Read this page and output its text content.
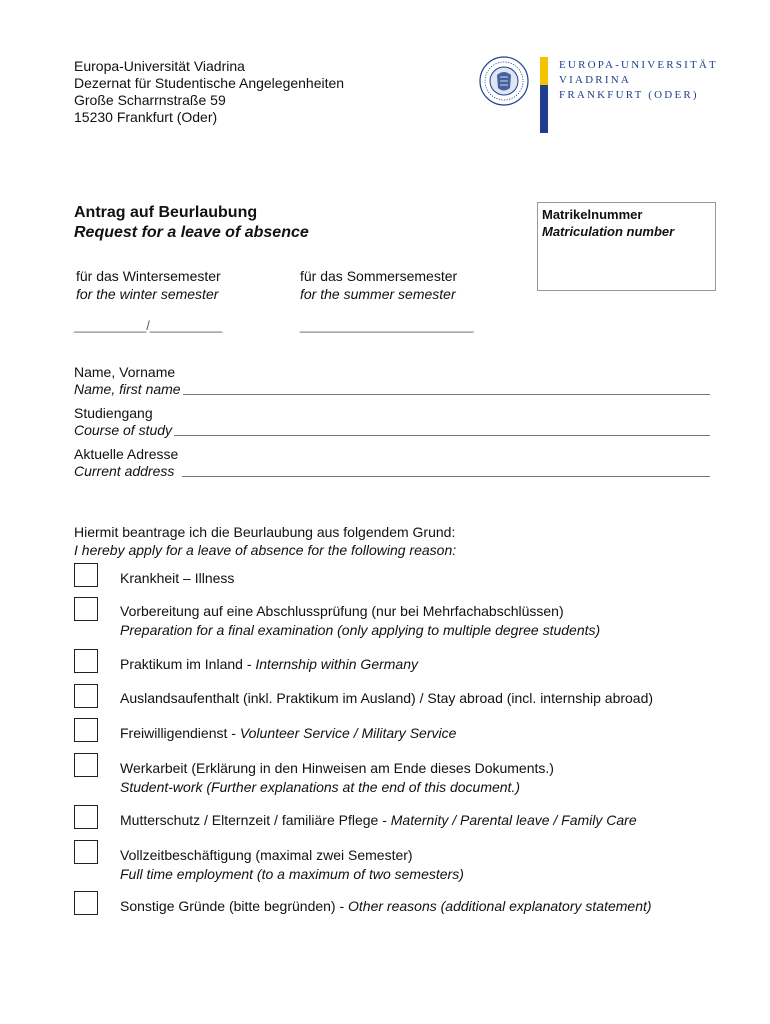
Europa-Universität Viadrina
Dezernat für Studentische Angelegenheiten
Große Scharrnstraße 59
15230 Frankfurt (Oder)
EUROPA-UNIVERSITÄT
VIADRINA
FRANKFURT (ODER)
Antrag auf Beurlaubung
Request for a leave of absence
Matrikelnummer
Matriculation number
für das Wintersemester
for the winter semester
für das Sommersemester
for the summer semester
__________/__________	________________________
Name, Vorname
Name, first name
Studiengang
Course of study
Aktuelle Adresse
Current address
Hiermit beantrage ich die Beurlaubung aus folgendem Grund:
I hereby apply for a leave of absence for the following reason:
Krankheit – Illness
Vorbereitung auf eine Abschlussprüfung (nur bei Mehrfachabschlüssen)
Preparation for a final examination (only applying to multiple degree students)
Praktikum im Inland - Internship within Germany
Auslandsaufenthalt (inkl. Praktikum im Ausland) / Stay abroad (incl. internship abroad)
Freiwilligendienst - Volunteer Service / Military Service
Werkarbeit (Erklärung in den Hinweisen am Ende dieses Dokuments.)
Student-work (Further explanations at the end of this document.)
Mutterschutz / Elternzeit / familiäre Pflege - Maternity / Parental leave / Family Care
Vollzeitbeschäftigung (maximal zwei Semester)
Full time employment (to a maximum of two semesters)
Sonstige Gründe (bitte begründen) - Other reasons (additional explanatory statement)
